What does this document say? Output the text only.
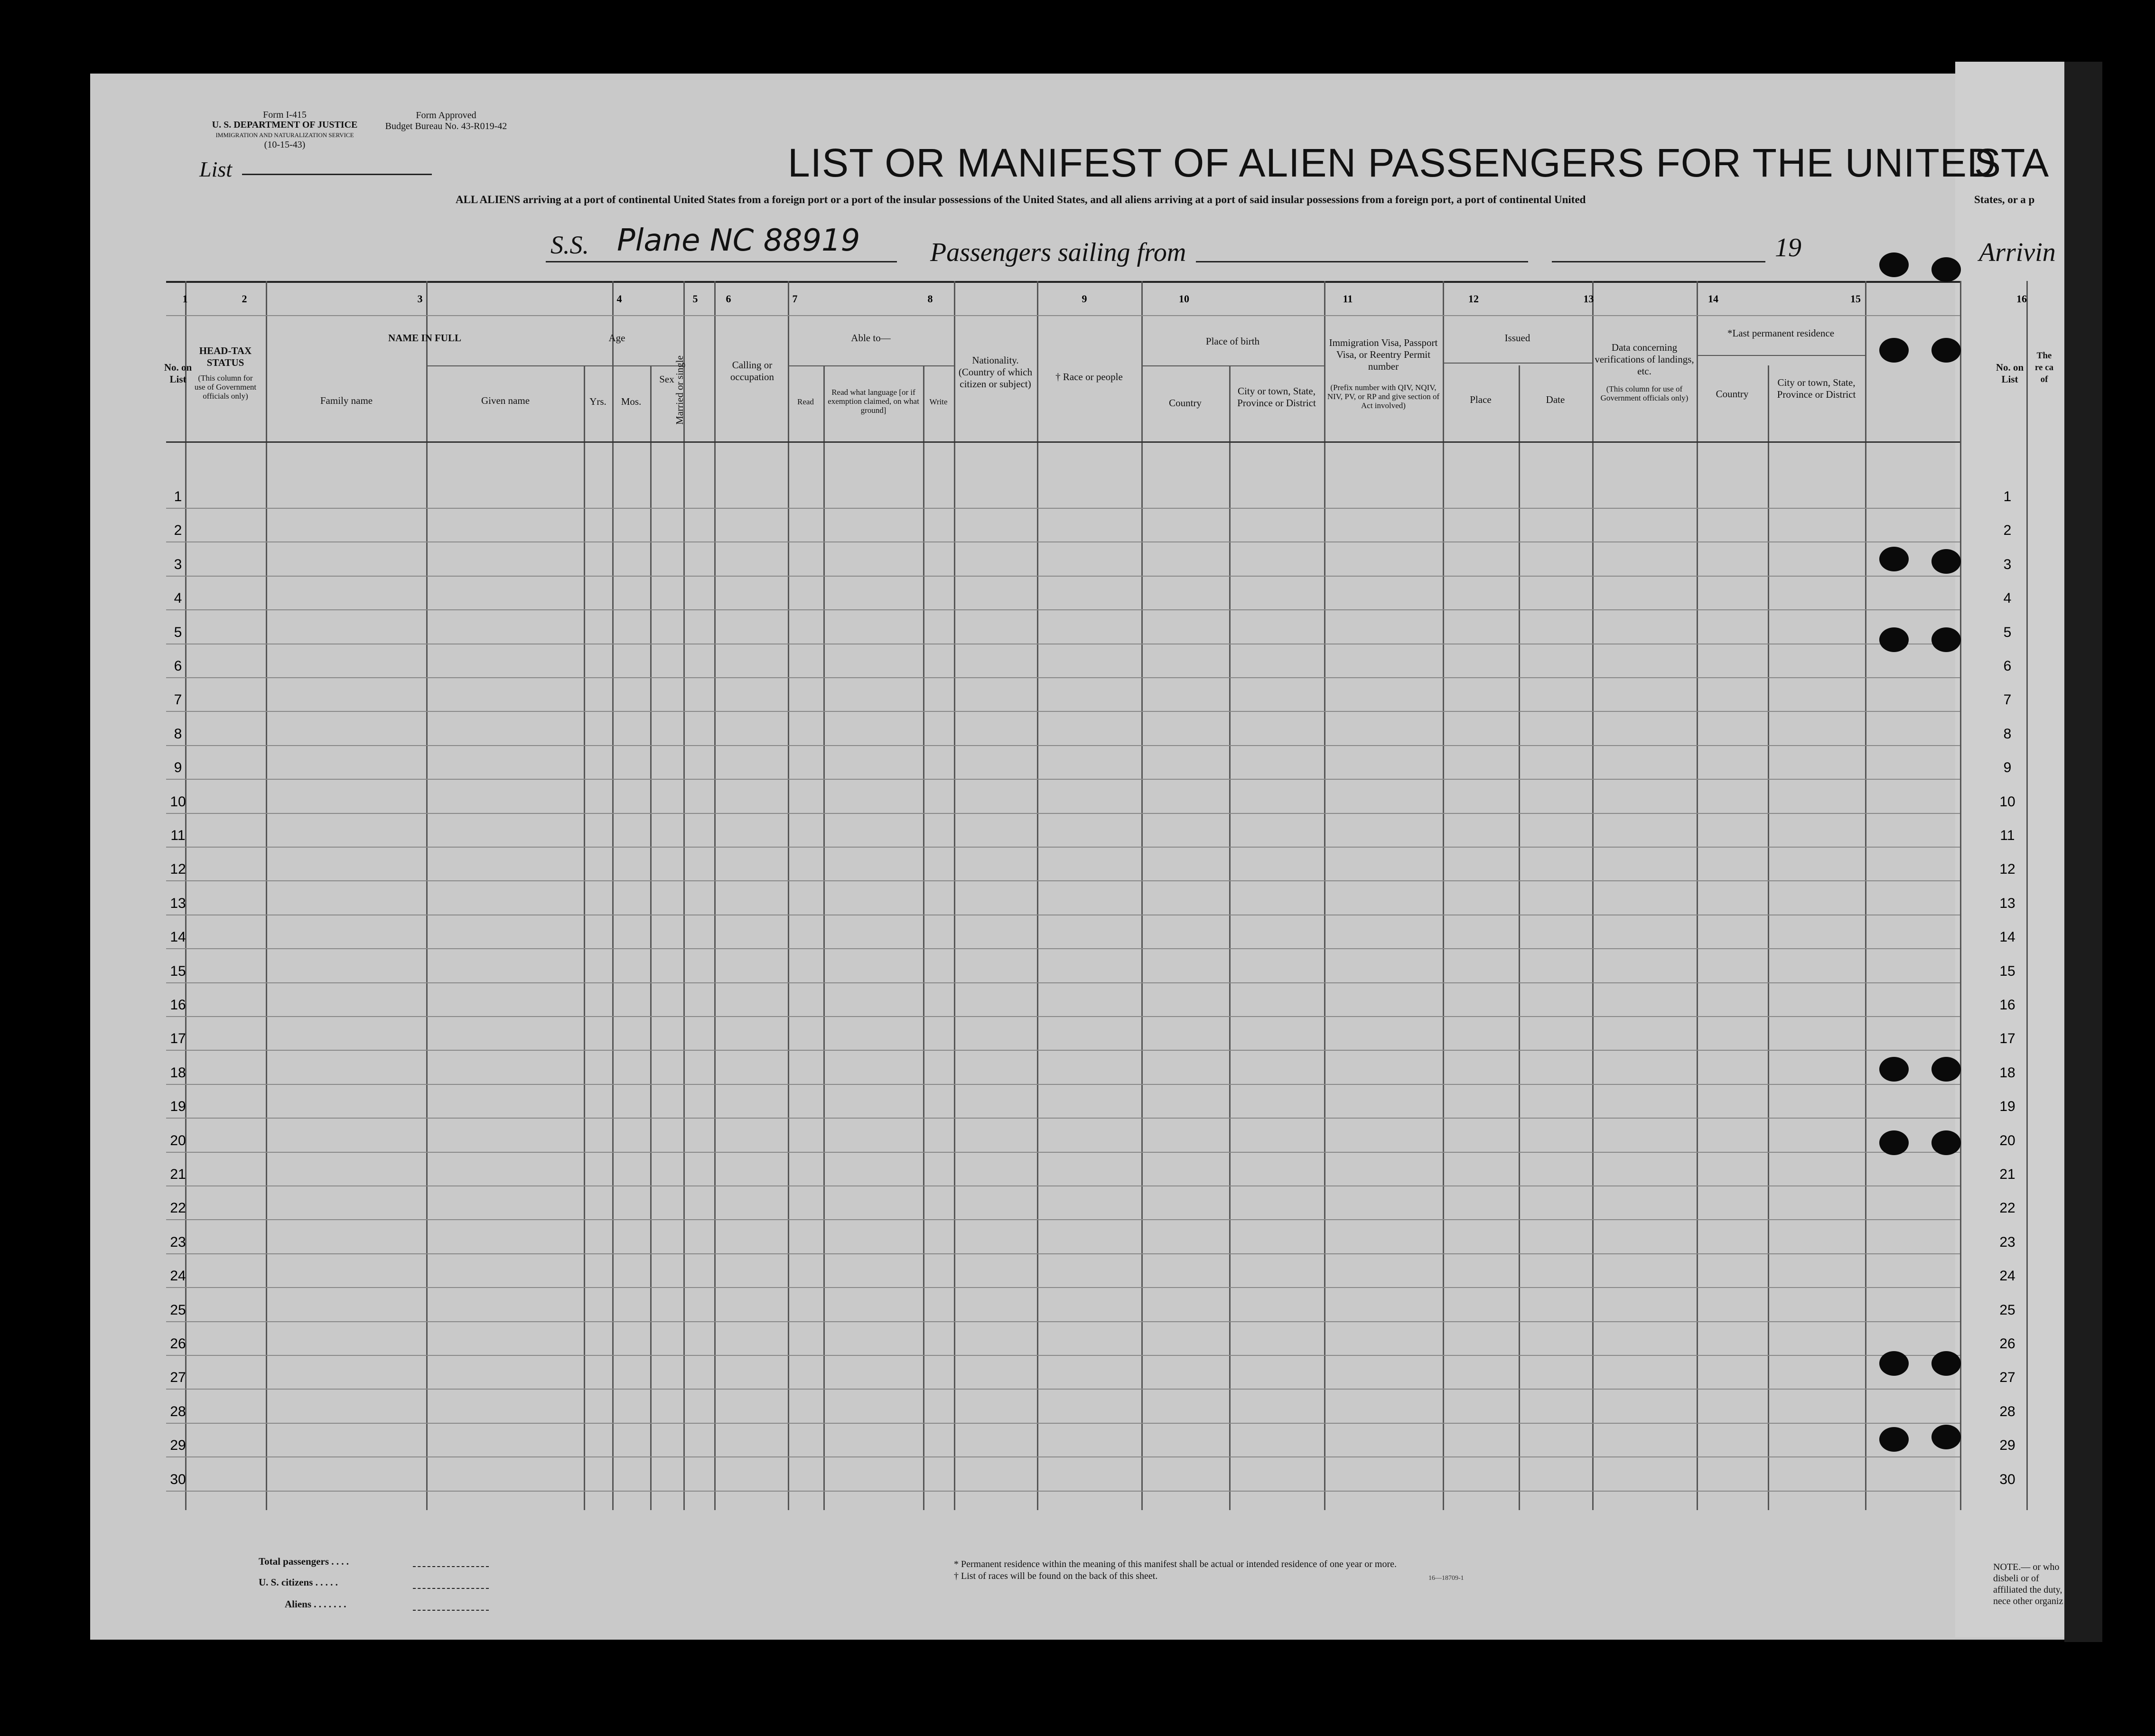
Form I-415
U. S. DEPARTMENT OF JUSTICE
IMMIGRATION AND NATURALIZATION SERVICE
(10-15-43)
Form Approved
Budget Bureau No. 43-R019-42
List	LIST OR MANIFEST OF ALIEN PASSENGERS FOR THE UNITED
STA
ALL ALIENS arriving at a port of continental United States from a foreign port or a port of the insular possessions of the United States, and all aliens arriving at a port of said insular possessions from a foreign port, a port of continental United	States, or a p
S.S. Plane NC 88919	Passengers sailing from	19	Arrivin
1	2	3	4	5	6	7	8	9	10	11	12	13	14	15	16
No. on List
HEAD-TAX STATUS
(This column for use of Government officials only)
NAME IN FULL
Family name	Given name
Age
Yrs.	Mos.
Sex Married or single	Calling or occupation
Able to—
Read
Read what language [or if exemption claimed, on what ground]
Write
Nationality. (Country of which citizen or subject)
† Race or people
Place of birth
Country
City or town, State, Province or District
Immigration Visa, Passport Visa, or Reentry Permit number
(Prefix number with QIV, NQIV, NIV, PV, or RP and give section of Act involved)
Issued
Place	Date
Data concerning verifications of landings, etc.
(This column for use of Government officials only)
*Last permanent residence
Country
City or town, State, Province or District
No. on List
The re ca of
1	1
2	2
3	3
4	4
5	5
6	6
7	7
8	8
9	9
10	10
11	11
12	12
13	13
14	14
15	15
16	16
17	17
18	18
19	19
20	20
21	21
22	22
23	23
24	24
25	25
26	26
27	27
28	28
29	29
30	30
Total passengers . . . .
U. S. citizens . . . . .
Aliens . . . . . . .
* Permanent residence within the meaning of this manifest shall be actual or intended residence of one year or more.
† List of races will be found on the back of this sheet.	16—18709-1
NOTE.— or who disbeli or of affiliated the duty, nece other organiz
